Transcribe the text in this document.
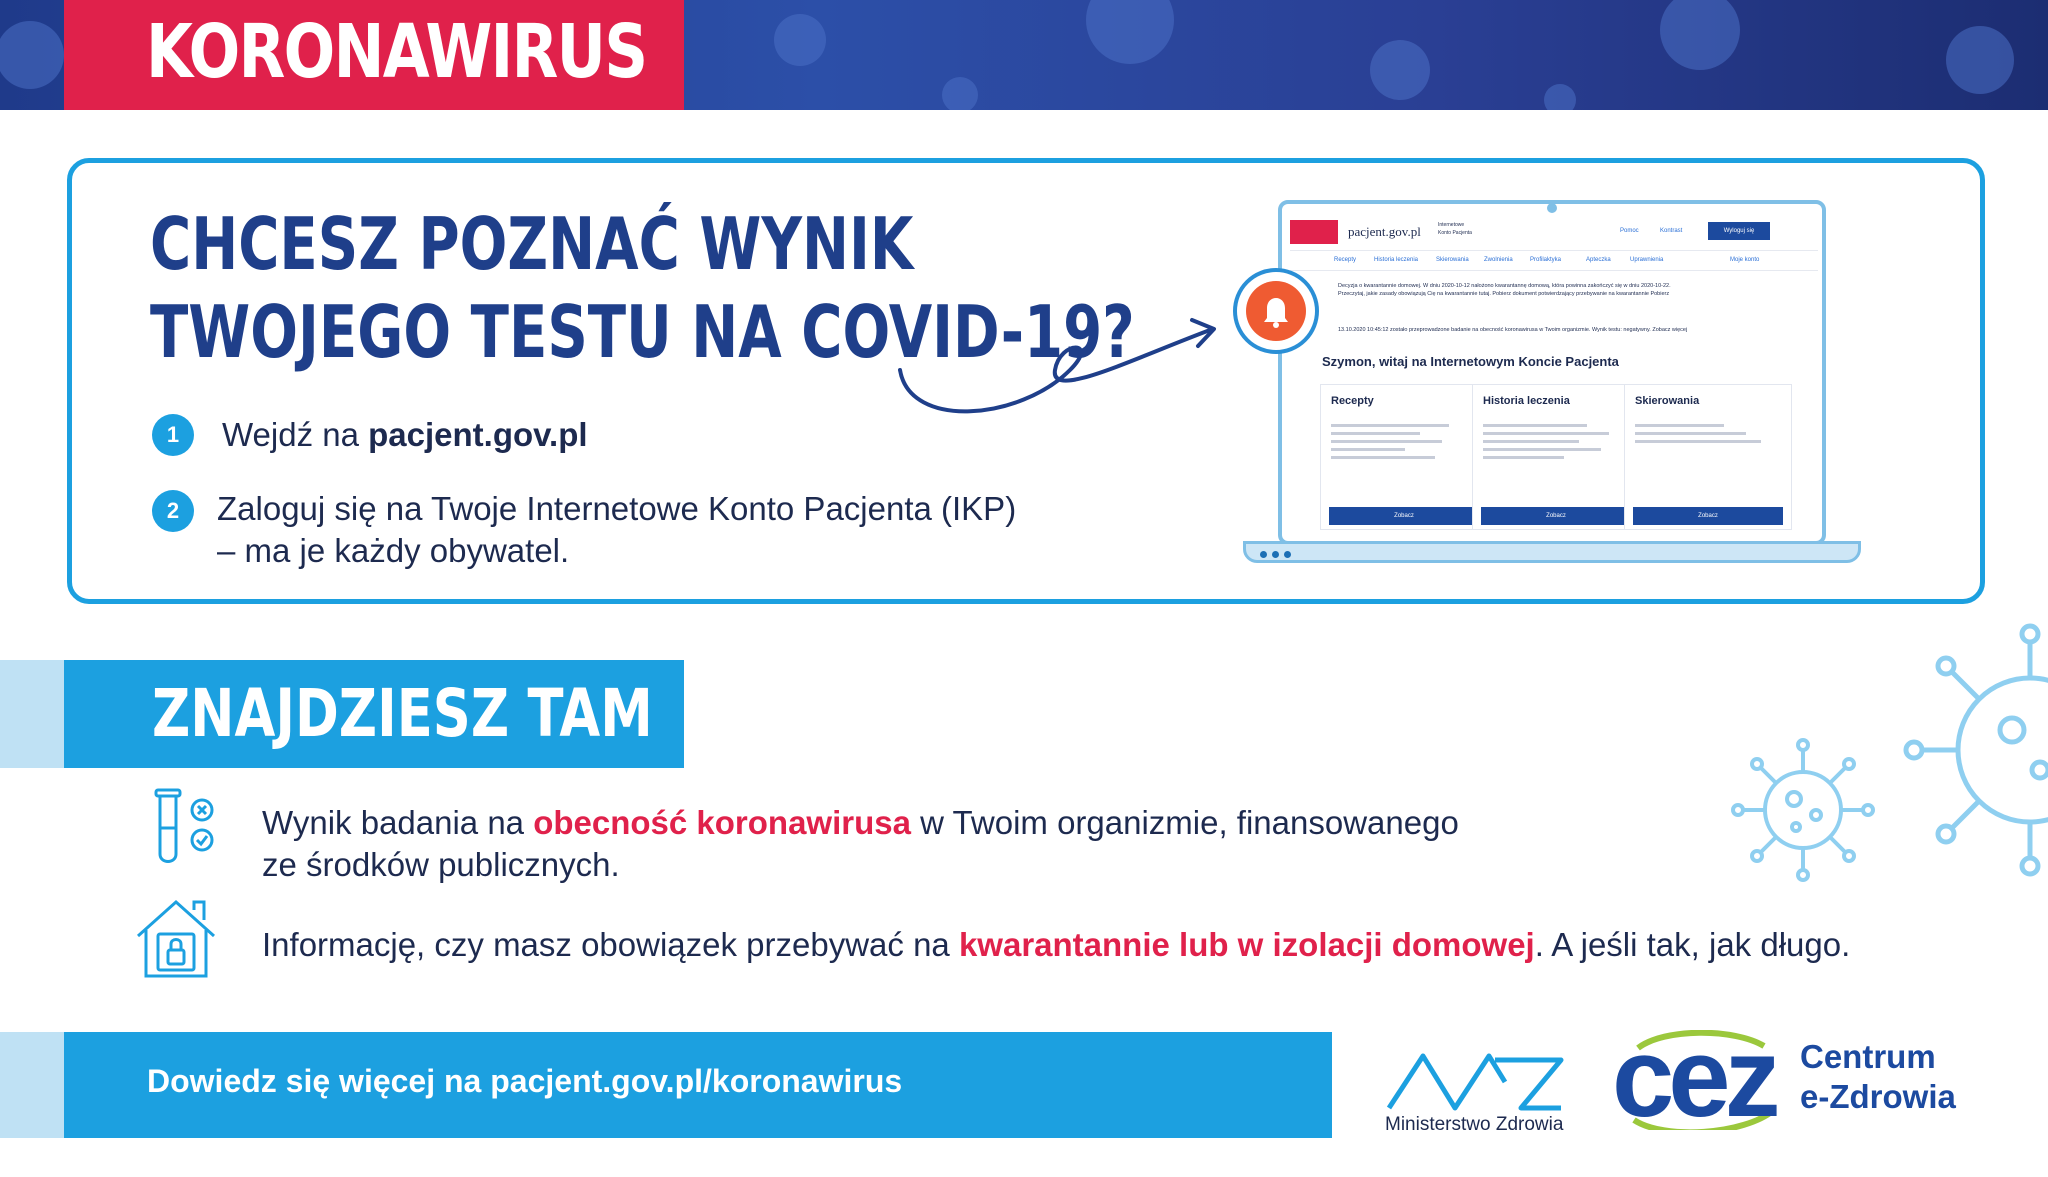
KORONAWIRUS
CHCESZ POZNAĆ WYNIK
TWOJEGO TESTU NA COVID-19?
1	Wejdź na pacjent.gov.pl
2	Zaloguj się na Twoje Internetowe Konto Pacjenta (IKP)
– ma je każdy obywatel.
pacjent.gov.pl	Internetowe
Konto Pacjenta	Pomoc	Kontrast	Wyloguj się
Recepty	Historia leczenia	Skierowania	Zwolnienia	Profilaktyka	Apteczka	Uprawnienia	Moje konto
Decyzja o kwarantannie domowej. W dniu 2020-10-12 nałożono kwarantannę domową, która powinna zakończyć się w dniu 2020-10-22.
Przeczytaj, jakie zasady obowiązują Cię na kwarantannie tutaj. Pobierz dokument potwierdzający przebywanie na kwarantannie Pobierz
13.10.2020 10:45:12 zostało przeprowadzone badanie na obecność koronawirusa w Twoim organizmie. Wynik testu: negatywny. Zobacz więcej
Szymon, witaj na Internetowym Koncie Pacjenta
Recepty
Zobacz
Historia leczenia
Zobacz
Skierowania
Zobacz
ZNAJDZIESZ TAM
Wynik badania na obecność koronawirusa w Twoim organizmie, finansowanego
ze środków publicznych.
Informację, czy masz obowiązek przebywać na kwarantannie lub w izolacji domowej. A jeśli tak, jak długo.
Dowiedz się więcej na pacjent.gov.pl/koronawirus
Ministerstwo Zdrowia cez Centrum
e-Zdrowia
